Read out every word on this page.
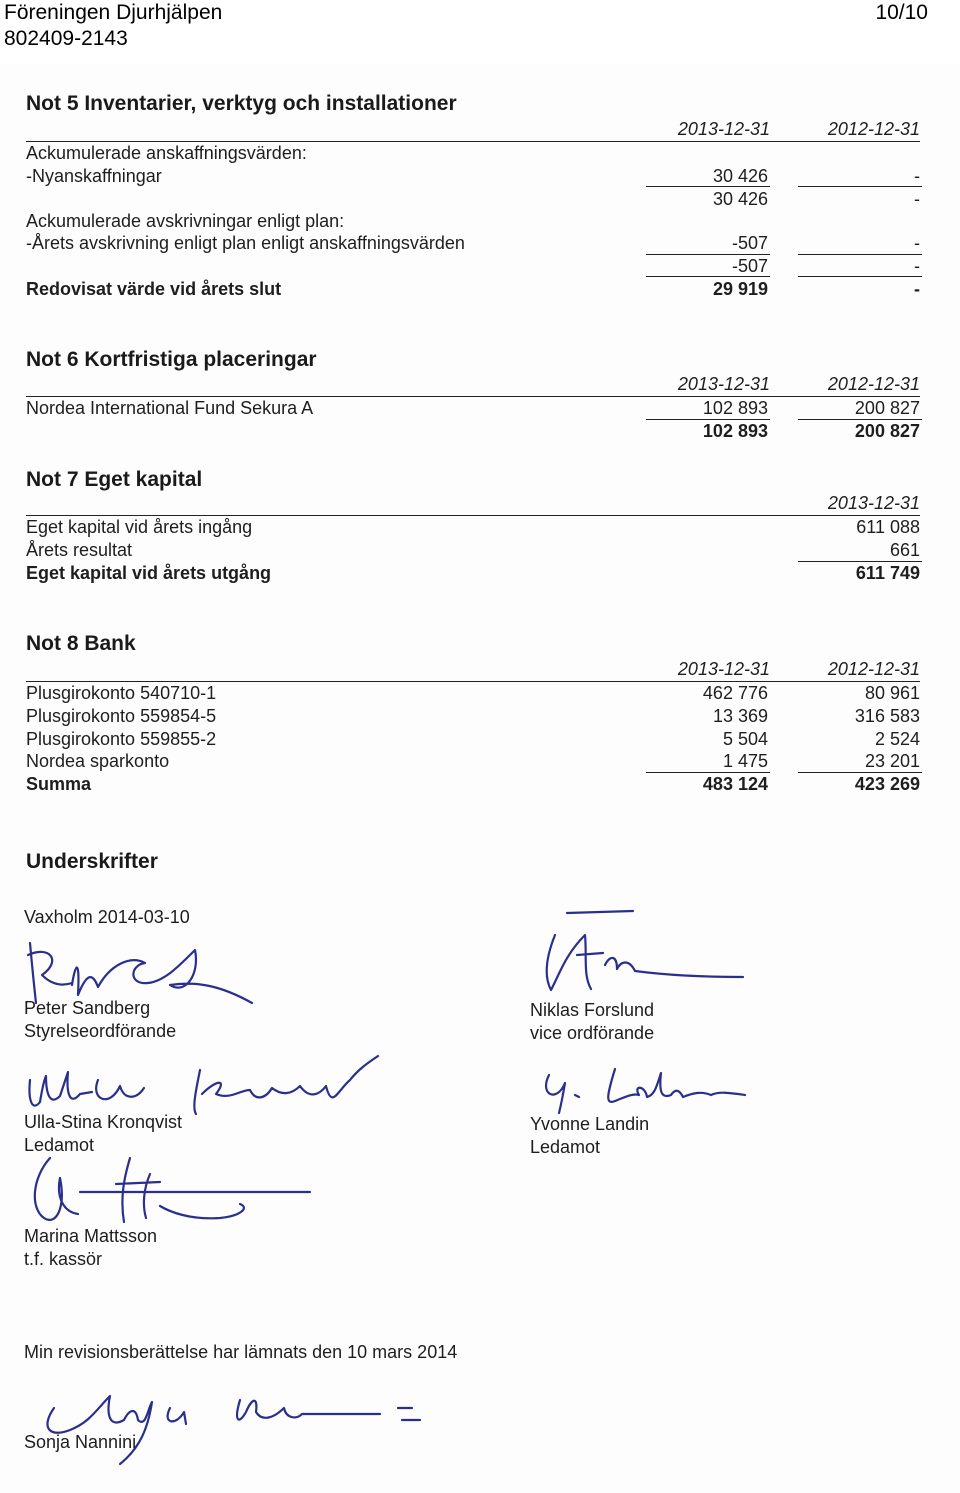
Föreningen Djurhjälpen
802409-2143
10/10
Not 5 Inventarier, verktyg och installationer
2013-12-31	2012-12-31
Ackumulerade anskaffningsvärden:
-Nyanskaffningar	30 426	-
30 426	-
Ackumulerade avskrivningar enligt plan:
-Årets avskrivning enligt plan enligt anskaffningsvärden	-507	-
-507	-
Redovisat värde vid årets slut	29 919	-
Not 6 Kortfristiga placeringar
2013-12-31	2012-12-31
Nordea International Fund Sekura A	102 893	200 827
102 893	200 827
Not 7 Eget kapital
2013-12-31
Eget kapital vid årets ingång	611 088
Årets resultat	661
Eget kapital vid årets utgång	611 749
Not 8 Bank
2013-12-31	2012-12-31
Plusgirokonto 540710-1	462 776	80 961
Plusgirokonto 559854-5	13 369	316 583
Plusgirokonto 559855-2	5 504	2 524
Nordea sparkonto	1 475	23 201
Summa	483 124	423 269
Underskrifter
Vaxholm 2014-03-10
Peter Sandberg
Styrelseordförande
Niklas Forslund
vice ordförande
Ulla-Stina Kronqvist
Ledamot
Yvonne Landin
Ledamot
Marina Mattsson
t.f. kassör
Min revisionsberättelse har lämnats den 10 mars 2014
Sonja Nannini
